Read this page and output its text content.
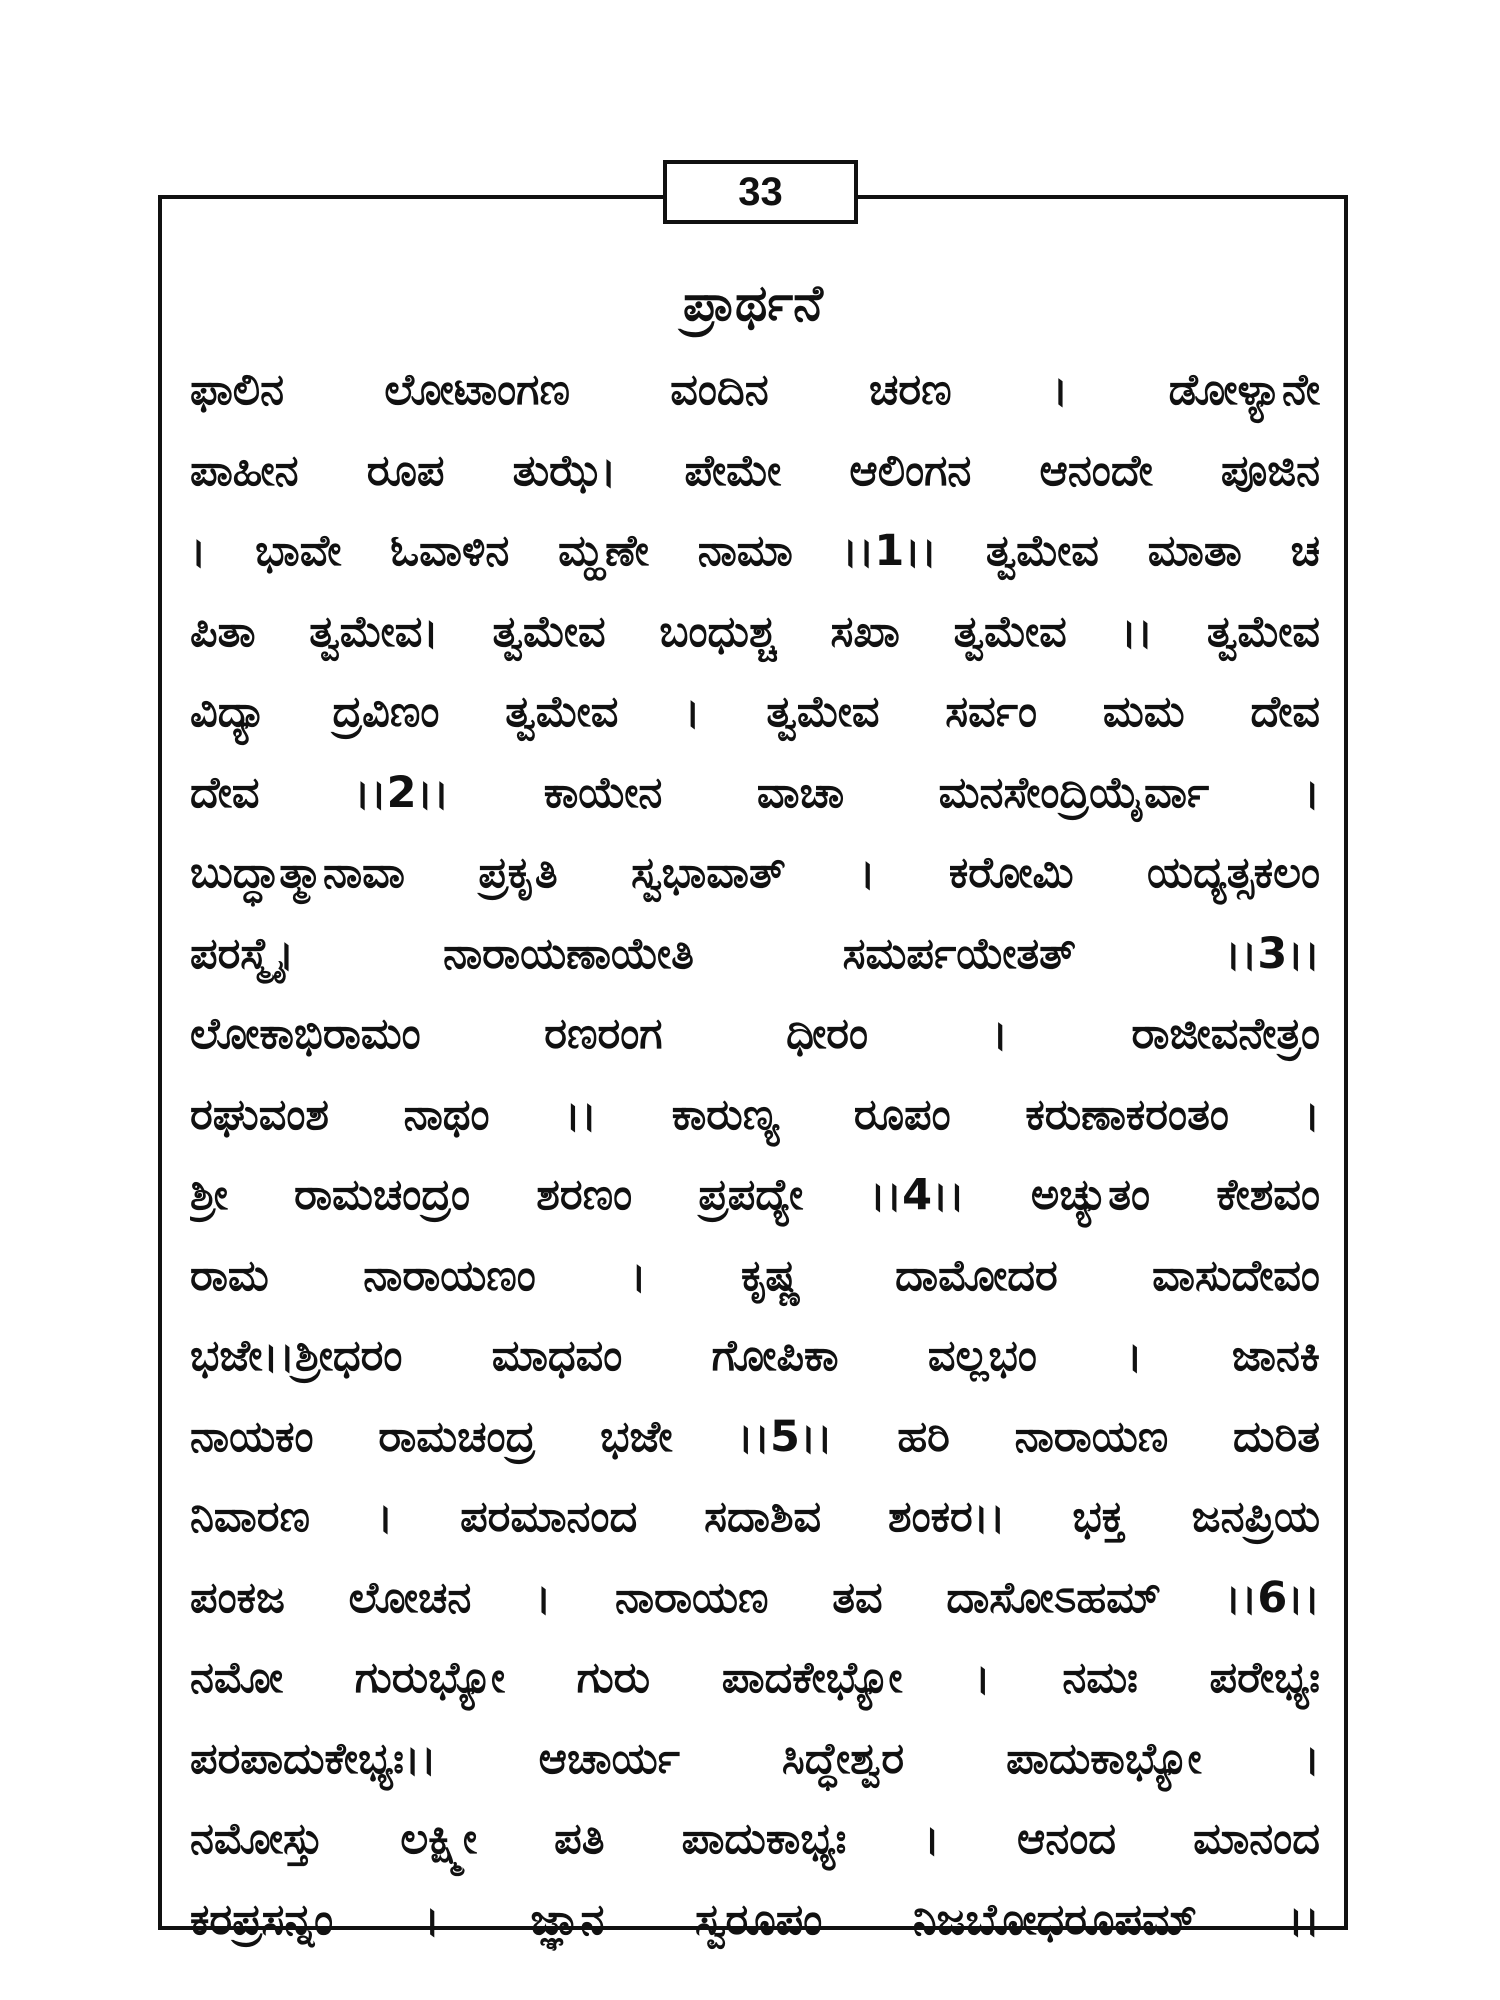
33
ಪ್ರಾರ್ಥನೆ
ಫಾಲಿನ ಲೋಟಾಂಗಣ ವಂದಿನ ಚರಣ । ಡೋಳ್ಯಾನೇ
ಪಾಹೀನ ರೂಪ ತುಝೆ। ಪೇಮೇ ಆಲಿಂಗನ ಆನಂದೇ ಪೂಜಿನ
। ಭಾವೇ ಓವಾಳಿನ ಮ್ಹಣೇ ನಾಮಾ ।।1।। ತ್ವಮೇವ ಮಾತಾ ಚ
ಪಿತಾ ತ್ವಮೇವ। ತ್ವಮೇವ ಬಂಧುಶ್ಚ ಸಖಾ ತ್ವಮೇವ ।। ತ್ವಮೇವ
ವಿದ್ಯಾ ದ್ರವಿಣಂ ತ್ವಮೇವ । ತ್ವಮೇವ ಸರ್ವಂ ಮಮ ದೇವ
ದೇವ ।।2।। ಕಾಯೇನ ವಾಚಾ ಮನಸೇಂದ್ರಿಯೈರ್ವಾ ।
ಬುದ್ಧಾತ್ಮಾನಾವಾ ಪ್ರಕೃತಿ ಸ್ವಭಾವಾತ್ । ಕರೋಮಿ ಯದ್ಯತ್ಸಕಲಂ
ಪರಸ್ಮೈ। ನಾರಾಯಣಾಯೇತಿ ಸಮರ್ಪಯೇತತ್ ।।3।।
ಲೋಕಾಭಿರಾಮಂ ರಣರಂಗ ಧೀರಂ । ರಾಜೀವನೇತ್ರಂ
ರಘುವಂಶ ನಾಥಂ ।। ಕಾರುಣ್ಯ ರೂಪಂ ಕರುಣಾಕರಂತಂ ।
ಶ್ರೀ ರಾಮಚಂದ್ರಂ ಶರಣಂ ಪ್ರಪದ್ಯೇ ।।4।। ಅಚ್ಯುತಂ ಕೇಶವಂ
ರಾಮ ನಾರಾಯಣಂ । ಕೃಷ್ಣ ದಾಮೋದರ ವಾಸುದೇವಂ
ಭಜೇ।।ಶ್ರೀಧರಂ ಮಾಧವಂ ಗೋಪಿಕಾ ವಲ್ಲಭಂ । ಜಾನಕಿ
ನಾಯಕಂ ರಾಮಚಂದ್ರ ಭಜೇ ।।5।। ಹರಿ ನಾರಾಯಣ ದುರಿತ
ನಿವಾರಣ । ಪರಮಾನಂದ ಸದಾಶಿವ ಶಂಕರ।। ಭಕ್ತ ಜನಪ್ರಿಯ
ಪಂಕಜ ಲೋಚನ । ನಾರಾಯಣ ತವ ದಾಸೋಽಹಮ್ ।।6।।
ನಮೋ ಗುರುಭ್ಯೋ ಗುರು ಪಾದಕೇಭ್ಯೋ । ನಮಃ ಪರೇಭ್ಯಃ
ಪರಪಾದುಕೇಭ್ಯಃ।। ಆಚಾರ್ಯ ಸಿದ್ಧೇಶ್ವರ ಪಾದುಕಾಭ್ಯೋ ।
ನಮೋಸ್ತು ಲಕ್ಷ್ಮೀ ಪತಿ ಪಾದುಕಾಭ್ಯಃ । ಆನಂದ ಮಾನಂದ
ಕರಪ್ರಸನ್ನಂ । ಜ್ಞಾನ ಸ್ವರೂಪಂ ನಿಜಬೋಧರೂಪಮ್ ।।
